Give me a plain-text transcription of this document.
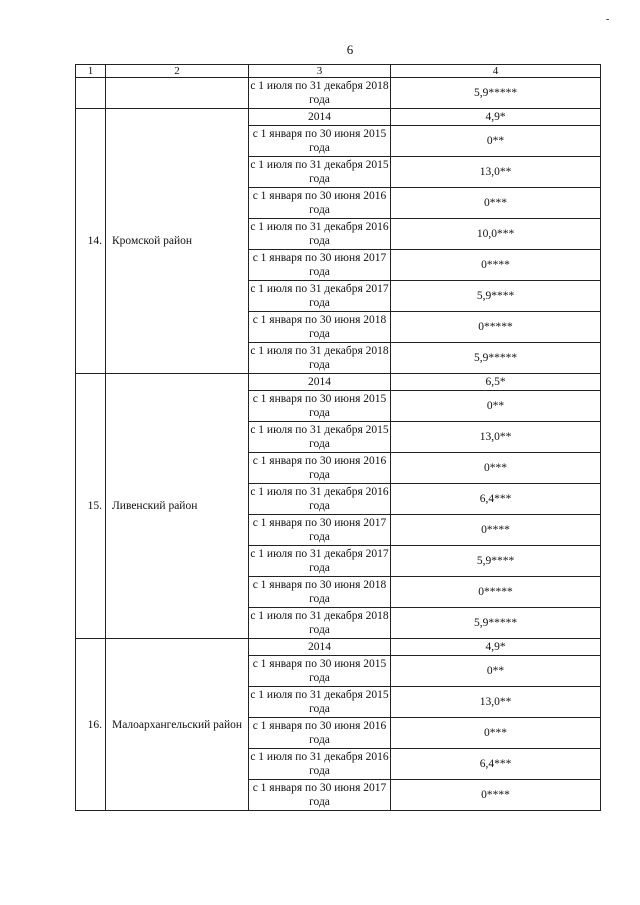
-
6
1	2	3	4
		с 1 июля по 31 декабря 2018 года	5,9*****
14.	Кромской район	2014	4,9*
		с 1 января по 30 июня 2015 года	0**
		с 1 июля по 31 декабря 2015 года	13,0**
		с 1 января по 30 июня 2016 года	0***
		с 1 июля по 31 декабря 2016 года	10,0***
		с 1 января по 30 июня 2017 года	0****
		с 1 июля по 31 декабря 2017 года	5,9****
		с 1 января по 30 июня 2018 года	0*****
		с 1 июля по 31 декабря 2018 года	5,9*****
15.	Ливенский район	2014	6,5*
		с 1 января по 30 июня 2015 года	0**
		с 1 июля по 31 декабря 2015 года	13,0**
		с 1 января по 30 июня 2016 года	0***
		с 1 июля по 31 декабря 2016 года	6,4***
		с 1 января по 30 июня 2017 года	0****
		с 1 июля по 31 декабря 2017 года	5,9****
		с 1 января по 30 июня 2018 года	0*****
		с 1 июля по 31 декабря 2018 года	5,9*****
16.	Малоархангельский район	2014	4,9*
		с 1 января по 30 июня 2015 года	0**
		с 1 июля по 31 декабря 2015 года	13,0**
		с 1 января по 30 июня 2016 года	0***
		с 1 июля по 31 декабря 2016 года	6,4***
		с 1 января по 30 июня 2017 года	0****
